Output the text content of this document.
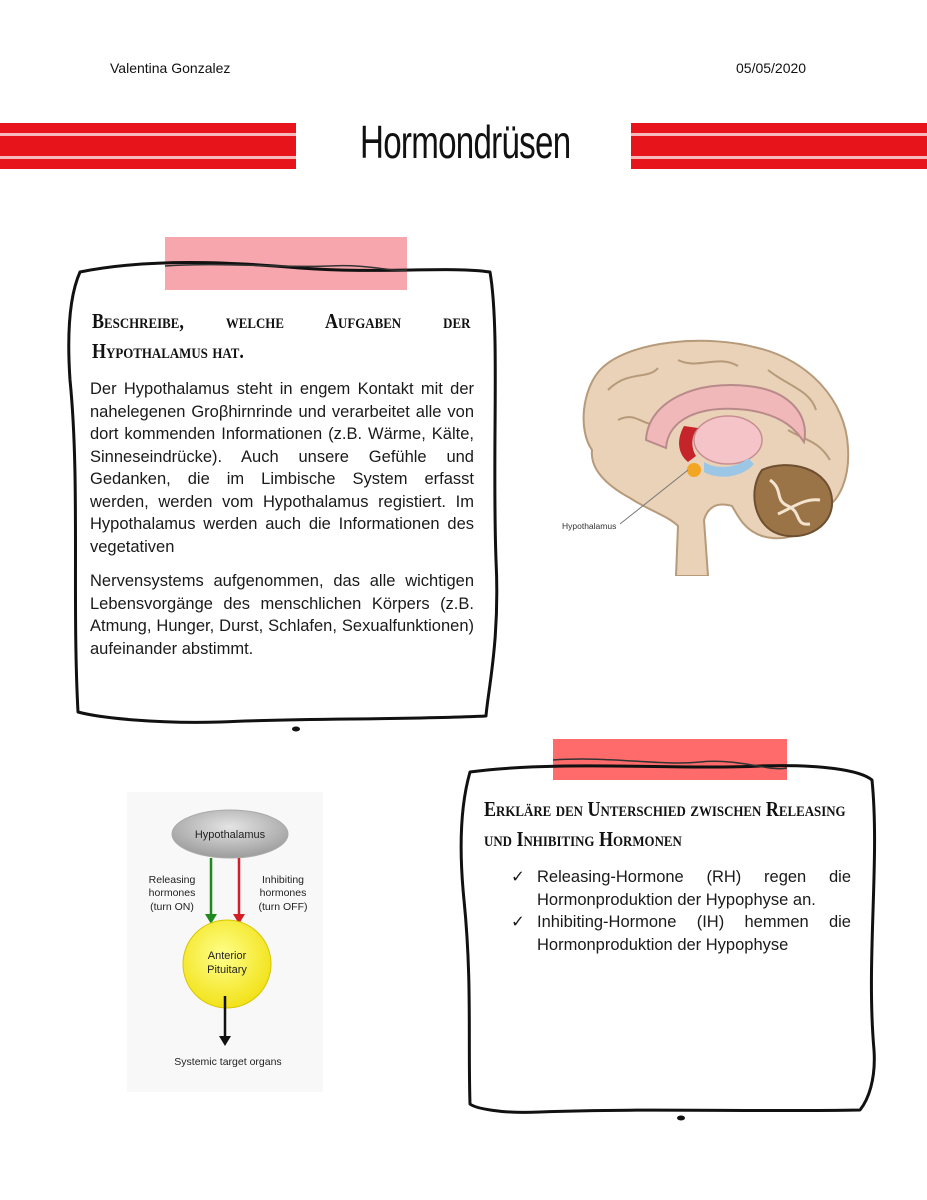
Valentina Gonzalez	05/05/2020
Hormondrüsen
Beschreibe, welche Aufgaben der
Hypothalamus hat.

Der Hypothalamus steht in engem Kontakt mit der nahelegenen Groβhirnrinde und verarbeitet alle von dort kommenden Informationen (z.B. Wärme, Kälte, Sinneseindrücke). Auch unsere Gefühle und Gedanken, die im Limbische System erfasst werden, werden vom Hypothalamus registiert. Im Hypothalamus werden auch die Informationen des vegetativen

Nervensystems aufgenommen, das alle wichtigen Lebensvorgänge des menschlichen Körpers (z.B. Atmung, Hunger, Durst, Schlafen, Sexualfunktionen) aufeinander abstimmt.

Hypothalamus
Hypothalamus
Releasing
hormones
(turn ON)
Inhibiting
hormones
(turn OFF)
Anterior
Pituitary
Systemic target organs
Erkläre den Unterschied zwischen Releasing
und Inhibiting Hormonen
✓ Releasing-Hormone (RH) regen die Hormonproduktion der Hypophyse an.
✓ Inhibiting-Hormone (IH) hemmen die Hormonproduktion der Hypophyse
